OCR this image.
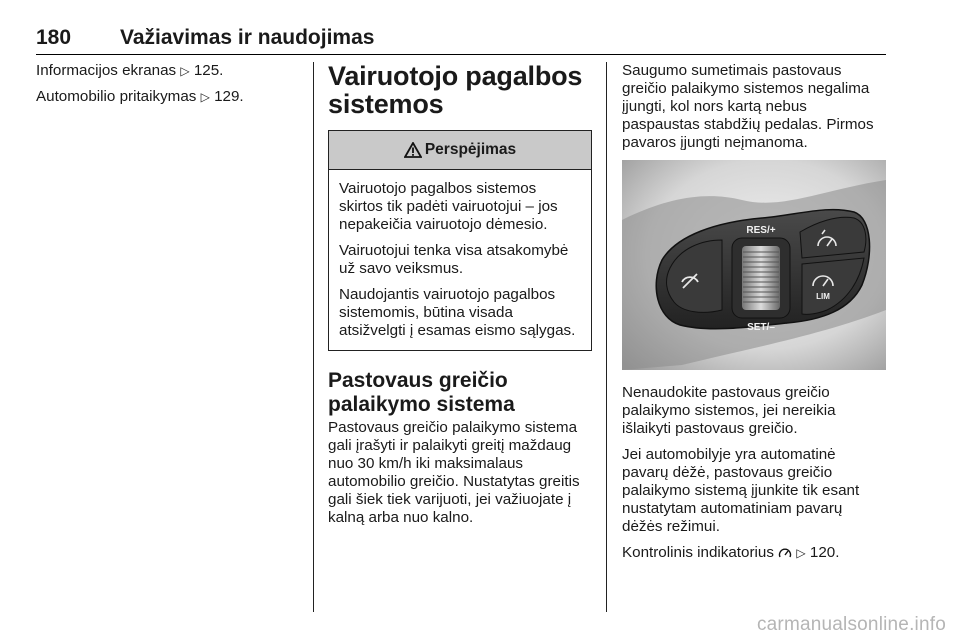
180 Važiavimas ir naudojimas

Informacijos ekranas ▷ 125.

Automobilio pritaikymas ▷ 129.

Vairuotojo pagalbos sistemos
Perspėjimas

Vairuotojo pagalbos sistemos skirtos tik padėti vairuotojui – jos nepakeičia vairuotojo dėmesio.

Vairuotojui tenka visa atsakomybė už savo veiksmus.

Naudojantis vairuotojo pagalbos sistemomis, būtina visada atsižvelgti į esamas eismo sąlygas.

Pastovaus greičio palaikymo sistema

Pastovaus greičio palaikymo sistema gali įrašyti ir palaikyti greitį maždaug nuo 30 km/h iki maksimalaus automobilio greičio. Nustatytas greitis gali šiek tiek varijuoti, jei važiuojate į kalną arba nuo kalno.

Saugumo sumetimais pastovaus greičio palaikymo sistemos negalima įjungti, kol nors kartą nebus paspaustas stabdžių pedalas. Pirmos pavaros įjungti neįmanoma.

RES/+
SET/–
LIM

Nenaudokite pastovaus greičio palaikymo sistemos, jei nereikia išlaikyti pastovaus greičio.

Jei automobilyje yra automatinė pavarų dėžė, pastovaus greičio palaikymo sistemą įjunkite tik esant nustatytam automatiniam pavarų dėžės režimui.

Kontrolinis indikatorius ▷ 120.

carmanualsonline.info
